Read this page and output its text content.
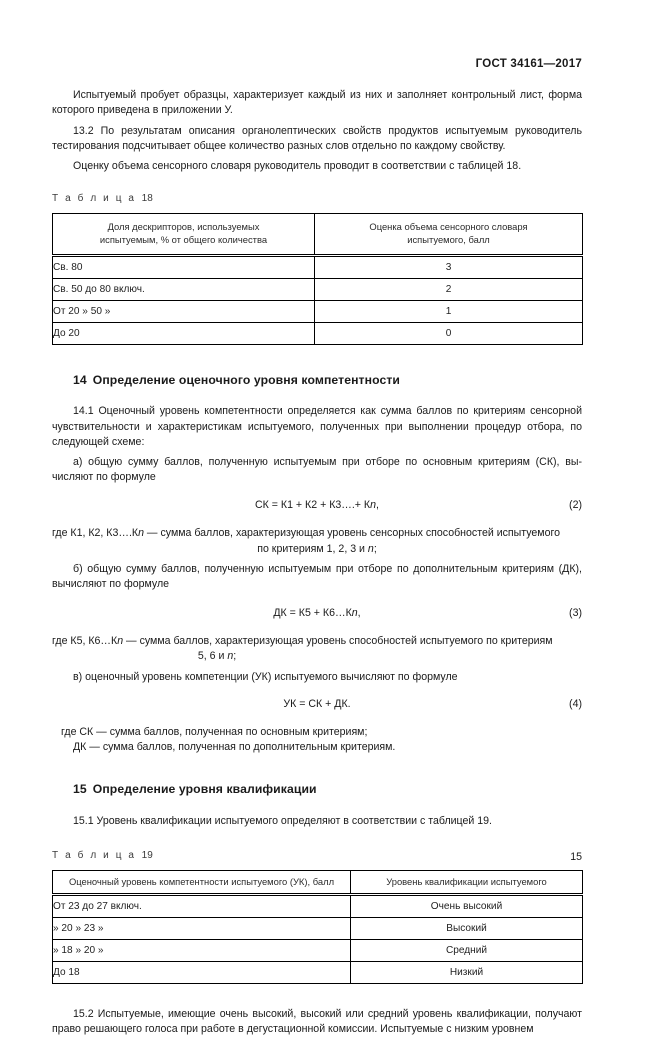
ГОСТ 34161—2017

Испытуемый пробует образцы, характеризует каждый из них и заполняет контрольный лист, форма которого приведена в приложении У.

13.2 По результатам описания органолептических свойств продуктов испытуемым руководитель тестирования подсчитывает общее количество разных слов отдельно по каждому свойству.

Оценку объема сенсорного словаря руководитель проводит в соответствии с таблицей 18.

Т а б л и ц а 18
Доля дескрипторов, используемых
испытуемым, % от общего количества	Оценка объема сенсорного словаря
испытуемого, балл
Св. 80	3
Св. 50 до 80 включ.	2
От 20 » 50 »	1
До 20	0
14 Определение оценочного уровня компетентности

14.1 Оценочный уровень компетентности определяется как сумма баллов по критериям сенсорной чувствительности и характеристикам испытуемого, полученных при выполнении процедур отбора, по следующей схеме:

а) общую сумму баллов, полученную испытуемым при отборе по основным критериям (СК), вычисляют по формуле

СК = К1 + К2 + К3….+ Кn,	(2)

где К1, К2, К3….Кn — сумма баллов, характеризующая уровень сенсорных способностей испытуемого

по критериям 1, 2, 3 и n;

б) общую сумму баллов, полученную испытуемым при отборе по дополнительным критериям (ДК), вычисляют по формуле

ДК = К5 + К6…Кn,	(3)

где К5, К6…Кn — сумма баллов, характеризующая уровень способностей испытуемого по критериям

5, 6 и n;

в) оценочный уровень компетенции (УК) испытуемого вычисляют по формуле

УК = СК + ДК.	(4)

где СК — сумма баллов, полученная по основным критериям;

ДК — сумма баллов, полученная по дополнительным критериям.

15 Определение уровня квалификации

15.1 Уровень квалификации испытуемого определяют в соответствии с таблицей 19.

Т а б л и ц а 19
Оценочный уровень компетентности испытуемого (УК), балл	Уровень квалификации испытуемого
От 23 до 27 включ.	Очень высокий
» 20 » 23 »	Высокий
» 18 » 20 »	Средний
До 18	Низкий

15.2 Испытуемые, имеющие очень высокий, высокий или средний уровень квалификации, получают право решающего голоса при работе в дегустационной комиссии. Испытуемые с низким уровнем

15
